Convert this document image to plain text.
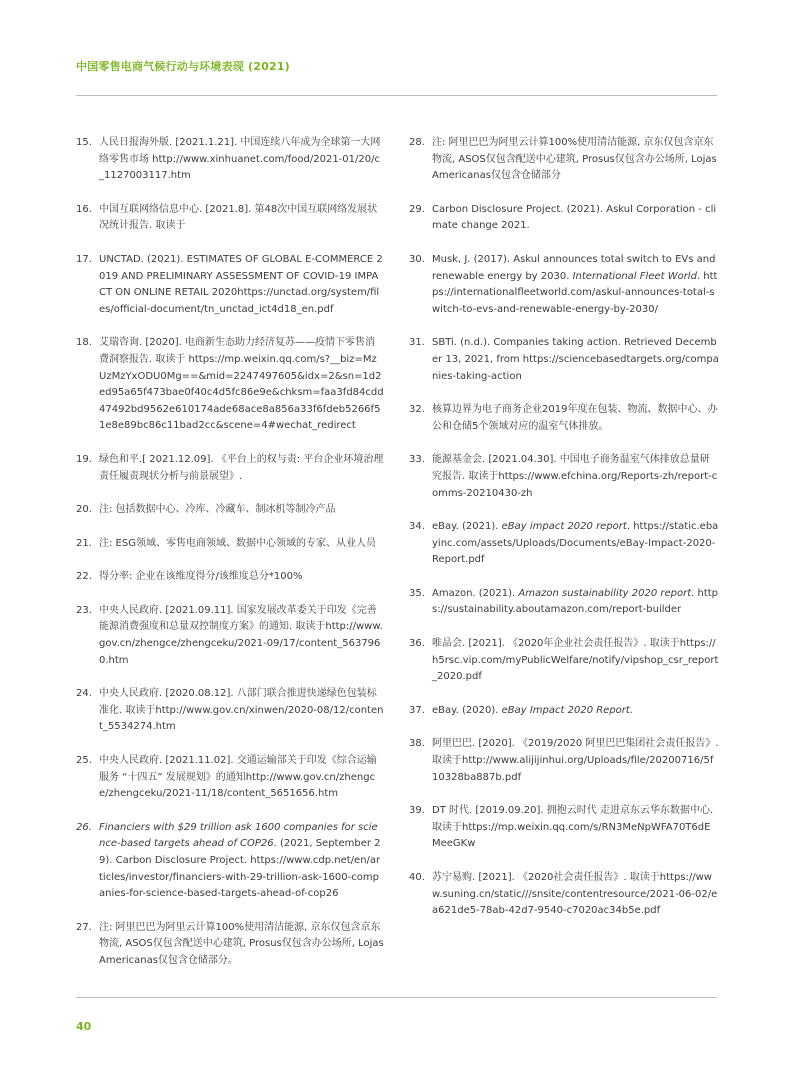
中国零售电商气候行动与环境表现 (2021)
15. 人民日报海外版. [2021.1.21]. 中国连续八年成为全球第一大网络零售市场 http://www.xinhuanet.com/food/2021-01/20/c_1127003117.htm
16. 中国互联网络信息中心. [2021.8]. 第48次中国互联网络发展状况统计报告. 取读于
17. UNCTAD. (2021). ESTIMATES OF GLOBAL E-COMMERCE 2019 AND PRELIMINARY ASSESSMENT OF COVID-19 IMPACT ON ONLINE RETAIL 2020https://unctad.org/system/files/official-document/tn_unctad_ict4d18_en.pdf
18. 艾瑞咨询. [2020]. 电商新生态助力经济复苏——疫情下零售消费洞察报告. 取读于 https://mp.weixin.qq.com/s?__biz=MzUzMzYxODU0Mg==&mid=2247497605&idx=2&sn=1d2ed95a65f473bae0f40c4d5fc86e9e&chksm=faa3fd84cdd47492bd9562e610174ade68ace8a856a33f6fdeb5266f51e8e89bc86c11bad2cc&scene=4#wechat_redirect
19. 绿色和平.[ 2021.12.09]. 《平台上的权与责: 平台企业环境治理责任履责现状分析与前景展望》.
20. 注: 包括数据中心、冷库、冷藏车、制冰机等制冷产品
21. 注: ESG领域、零售电商领域、数据中心领域的专家、从业人员
22. 得分率: 企业在该维度得分/该维度总分*100%
23. 中央人民政府. [2021.09.11]. 国家发展改革委关于印发《完善能源消费强度和总量双控制度方案》的通知. 取读于http://www.gov.cn/zhengce/zhengceku/2021-09/17/content_5637960.htm
24. 中央人民政府. [2020.08.12]. 八部门联合推进快递绿色包装标准化. 取读于http://www.gov.cn/xinwen/2020-08/12/content_5534274.htm
25. 中央人民政府. [2021.11.02]. 交通运输部关于印发《综合运输服务 “十四五” 发展规划》的通知http://www.gov.cn/zhengce/zhengceku/2021-11/18/content_5651656.htm
26. Financiers with $29 trillion ask 1600 companies for science-based targets ahead of COP26. (2021, September 29). Carbon Disclosure Project. https://www.cdp.net/en/articles/investor/financiers-with-29-trillion-ask-1600-companies-for-science-based-targets-ahead-of-cop26
27. 注: 阿里巴巴为阿里云计算100%使用清洁能源, 京东仅包含京东物流, ASOS仅包含配送中心建筑, Prosus仅包含办公场所, Lojas Americanas仅包含仓储部分。
28. 注: 阿里巴巴为阿里云计算100%使用清洁能源, 京东仅包含京东物流, ASOS仅包含配送中心建筑, Prosus仅包含办公场所, Lojas Americanas仅包含仓储部分
29. Carbon Disclosure Project. (2021). Askul Corporation - climate change 2021.
30. Musk, J. (2017). Askul announces total switch to EVs and renewable energy by 2030. International Fleet World. https://internationalfleetworld.com/askul-announces-total-switch-to-evs-and-renewable-energy-by-2030/
31. SBTi. (n.d.). Companies taking action. Retrieved December 13, 2021, from https://sciencebasedtargets.org/companies-taking-action
32. 核算边界为电子商务企业2019年度在包装、物流、数据中心、办公和仓储5个领域对应的温室气体排放。
33. 能源基金会. [2021.04.30]. 中国电子商务温室气体排放总量研究报告. 取读于https://www.efchina.org/Reports-zh/report-comms-20210430-zh
34. eBay. (2021). eBay impact 2020 report. https://static.ebayinc.com/assets/Uploads/Documents/eBay-Impact-2020-Report.pdf
35. Amazon. (2021). Amazon sustainability 2020 report. https://sustainability.aboutamazon.com/report-builder
36. 唯品会. [2021]. 《2020年企业社会责任报告》. 取读于https://h5rsc.vip.com/myPublicWelfare/notify/vipshop_csr_report_2020.pdf
37. eBay. (2020). eBay Impact 2020 Report.
38. 阿里巴巴. [2020]. 《2019/2020 阿里巴巴集团社会责任报告》. 取读于http://www.alijijinhui.org/Uploads/file/20200716/5f10328ba887b.pdf
39. DT 时代. [2019.09.20]. 拥抱云时代 走进京东云华东数据中心. 取读于https://mp.weixin.qq.com/s/RN3MeNpWFA70T6dEMeeGKw
40. 苏宁易购. [2021]. 《2020社会责任报告》. 取读于https://www.suning.cn/static///snsite/contentresource/2021-06-02/ea621de5-78ab-42d7-9540-c7020ac34b5e.pdf
40
